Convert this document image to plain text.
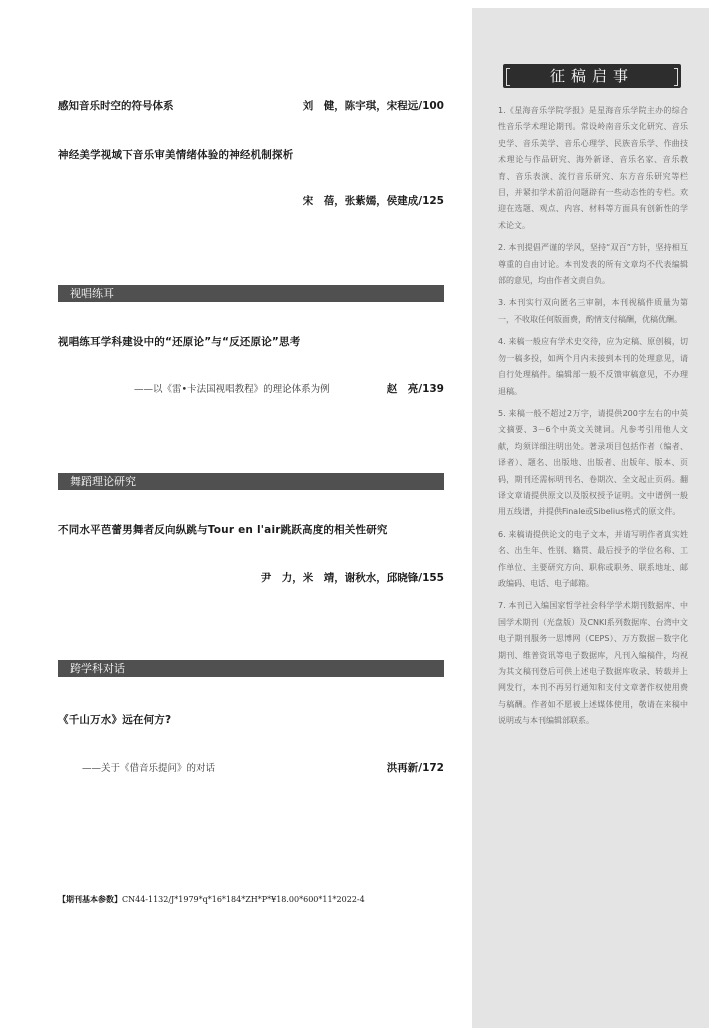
感知音乐时空的符号体系	刘　健，陈宇琪，宋程远/100
神经美学视域下音乐审美情绪体验的神经机制探析
宋　蓓，张紫嫣，侯建成/125
视唱练耳
视唱练耳学科建设中的“还原论”与“反还原论”思考
——以《雷•卡法国视唱教程》的理论体系为例	赵　亮/139
舞蹈理论研究
不同水平芭蕾男舞者反向纵跳与Tour en l'air跳跃高度的相关性研究
尹　力，米　靖，谢秋水，邱晓锋/155
跨学科对话
《千山万水》远在何方?
——关于《借音乐提问》的对话	洪再新/172
【期刊基本参数】CN44-1132/J*1979*q*16*184*ZH*P*¥18.00*600*11*2022-4
征稿启事

1.《星海音乐学院学报》是星海音乐学院主办的综合性音乐学术理论期刊。常设岭南音乐文化研究、音乐史学、音乐美学、音乐心理学、民族音乐学、作曲技术理论与作品研究、海外新译、音乐名家、音乐教育、音乐表演、流行音乐研究、东方音乐研究等栏目，并紧扣学术前沿问题辟有一些动态性的专栏。欢迎在选题、观点、内容、材料等方面具有创新性的学术论文。

2. 本刊提倡严谨的学风，坚持“双百”方针，坚持相互尊重的自由讨论。本刊发表的所有文章均不代表编辑部的意见，均由作者文责自负。

3. 本刊实行双向匿名三审制，本刊视稿件质量为第一，不收取任何版面费，酌情支付稿酬，优稿优酬。

4. 来稿一般应有学术史交待，应为定稿、原创稿，切勿一稿多投，如两个月内未接到本刊的处理意见，请自行处理稿件。编辑部一般不反馈审稿意见，不办理退稿。

5. 来稿一般不超过2万字，请提供200字左右的中英文摘要、3－6个中英文关键词。凡参考引用他人文献，均须详细注明出处。著录项目包括作者（编者、译者）、题名、出版地、出版者、出版年、版本、页码，期刊还需标明刊名、卷期次、全文起止页码。翻译文章请提供原文以及版权授予证明。文中谱例一般用五线谱，并提供Finale或Sibelius格式的原文件。

6. 来稿请提供论文的电子文本，并请写明作者真实姓名、出生年、性别、籍贯、最后授予的学位名称、工作单位、主要研究方向、职称或职务、联系地址、邮政编码、电话、电子邮箱。

7. 本刊已入编国家哲学社会科学学术期刊数据库、中国学术期刊（光盘版）及CNKI系列数据库、台湾中文电子期刊服务一思博网（CEPS）、万方数据－数字化期刊、维普资讯等电子数据库，凡刊入编稿件，均视为其文稿刊登后可供上述电子数据库收录、转载并上网发行，本刊不再另行通知和支付文章著作权使用费与稿酬。作者如不愿被上述媒体使用，敬请在来稿中说明或与本刊编辑部联系。
